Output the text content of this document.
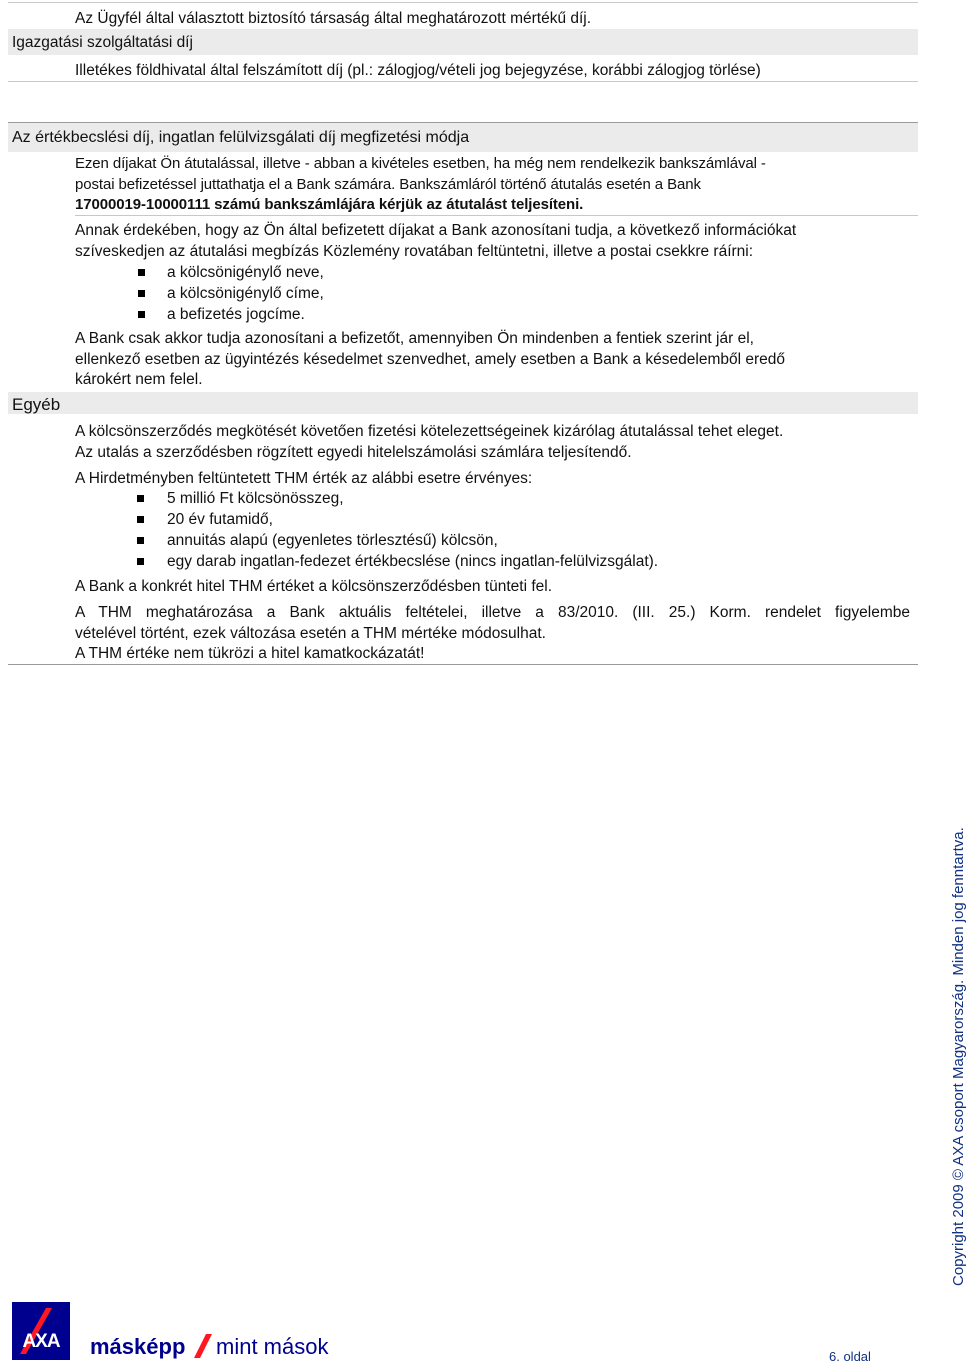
Az Ügyfél által választott biztosító társaság által meghatározott mértékű díj.
Igazgatási szolgáltatási díj
Illetékes földhivatal által felszámított díj (pl.: zálogjog/vételi jog bejegyzése, korábbi zálogjog törlése)
Az értékbecslési díj, ingatlan felülvizsgálati díj megfizetési módja

Ezen díjakat Ön átutalással, illetve - abban a kivételes esetben, ha még nem rendelkezik bankszámlával -

postai befizetéssel juttathatja el a Bank számára. Bankszámláról történő átutalás esetén a Bank

17000019-10000111 számú bankszámlájára kérjük az átutalást teljesíteni.

Annak érdekében, hogy az Ön által befizetett díjakat a Bank azonosítani tudja, a következő információkat

szíveskedjen az átutalási megbízás Közlemény rovatában feltüntetni, illetve a postai csekkre ráírni:

a kölcsönigénylő neve,
a kölcsönigénylő címe,
a befizetés jogcíme.

A Bank csak akkor tudja azonosítani a befizetőt, amennyiben Ön mindenben a fentiek szerint jár el,

ellenkező esetben az ügyintézés késedelmet szenvedhet, amely esetben a Bank a késedelemből eredő

károkért nem felel.

Egyéb

A kölcsönszerződés megkötését követően fizetési kötelezettségeinek kizárólag átutalással tehet eleget.

Az utalás a szerződésben rögzített egyedi hitelelszámolási számlára teljesítendő.

A Hirdetményben feltüntetett THM érték az alábbi esetre érvényes:

5 millió Ft kölcsönösszeg,
20 év futamidő,
annuitás alapú (egyenletes törlesztésű) kölcsön,
egy darab ingatlan-fedezet értékbecslése (nincs ingatlan-felülvizsgálat).

A Bank a konkrét hitel THM értéket a kölcsönszerződésben tünteti fel.

A THM meghatározása a Bank aktuális feltételei, illetve a 83/2010. (III. 25.) Korm. rendelet figyelembe

vételével történt, ezek változása esetén a THM mértéke módosulhat.

A THM értéke nem tükrözi a hitel kamatkockázatát!

Copyright 2009 © AXA csoport Magyarország. Minden jog fenntartva.
AXA másképp mint mások	6. oldal
